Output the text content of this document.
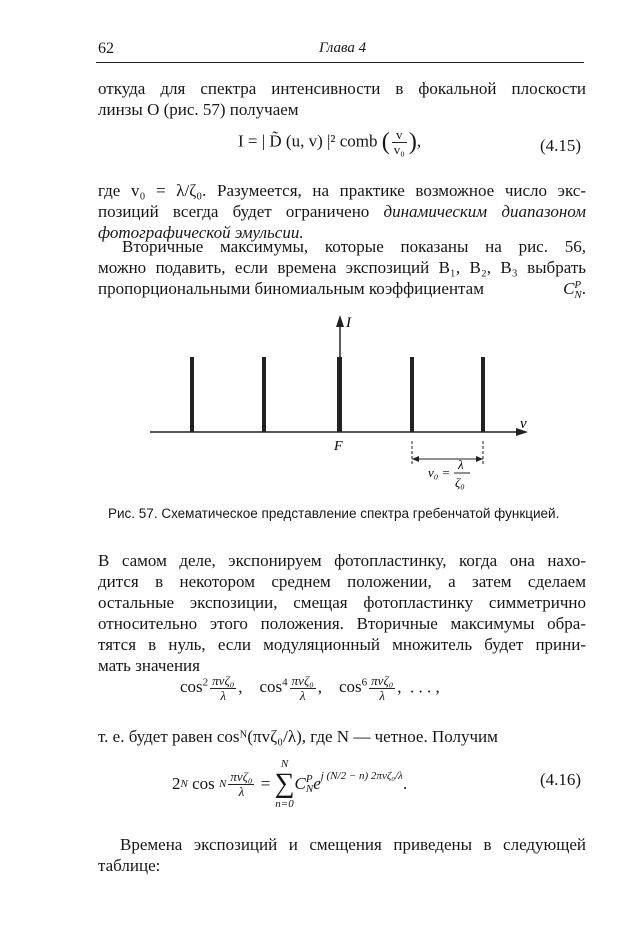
62	Глава 4

откуда для спектра интенсивности в фокальной плоскости

линзы O (рис. 57) получаем

I = | D̃ (u, v) |² comb ( $\frac{v}{\text{v₀}}$ ),	(4.15)

где v₀ = λ/ζ₀. Разумеется, на практике возможное число экс-

позиций всегда будет ограничено динамическим диапазоном

фотографической эмульсии.

Вторичные максимумы, которые показаны на рис. 56,

можно подавить, если времена экспозиций B₁, B₂, B₃ выбрать

пропорциональными биномиальным коэффициентам	C P
N .

I
v
F
v₀ =
λ
ζ₀
Рис. 57. Схематическое представление спектра гребенчатой функцией.

В самом деле, экспонируем фотопластинку, когда она нахо-

дится в некотором среднем положении, а затем сделаем

остальные экспозиции, смещая фотопластинку симметрично

относительно этого положения. Вторичные максимумы обра-

тятся в нуль, если модуляционный множитель будет прини-

мать значения

$\cos^2 \frac{\text{πvζ₀}}{\lambda}$ , $\cos^4 \frac{\text{πvζ₀}}{\lambda}$ , $\cos^6 \frac{\text{πvζ₀}}{\lambda}$ , . . . ,

т. е. будет равен cosᴺ(πvζ₀/λ), где N — четное. Получим

2 N
cos
N $\frac{\text{πvζ₀}}{\lambda}$
=

N
∑
n=0
C P
N $e^{j (N/2 - n) 2\pi v\zeta_0/\lambda}$ .	(4.16)

Времена экспозиций и смещения приведены в следующей

таблице:
